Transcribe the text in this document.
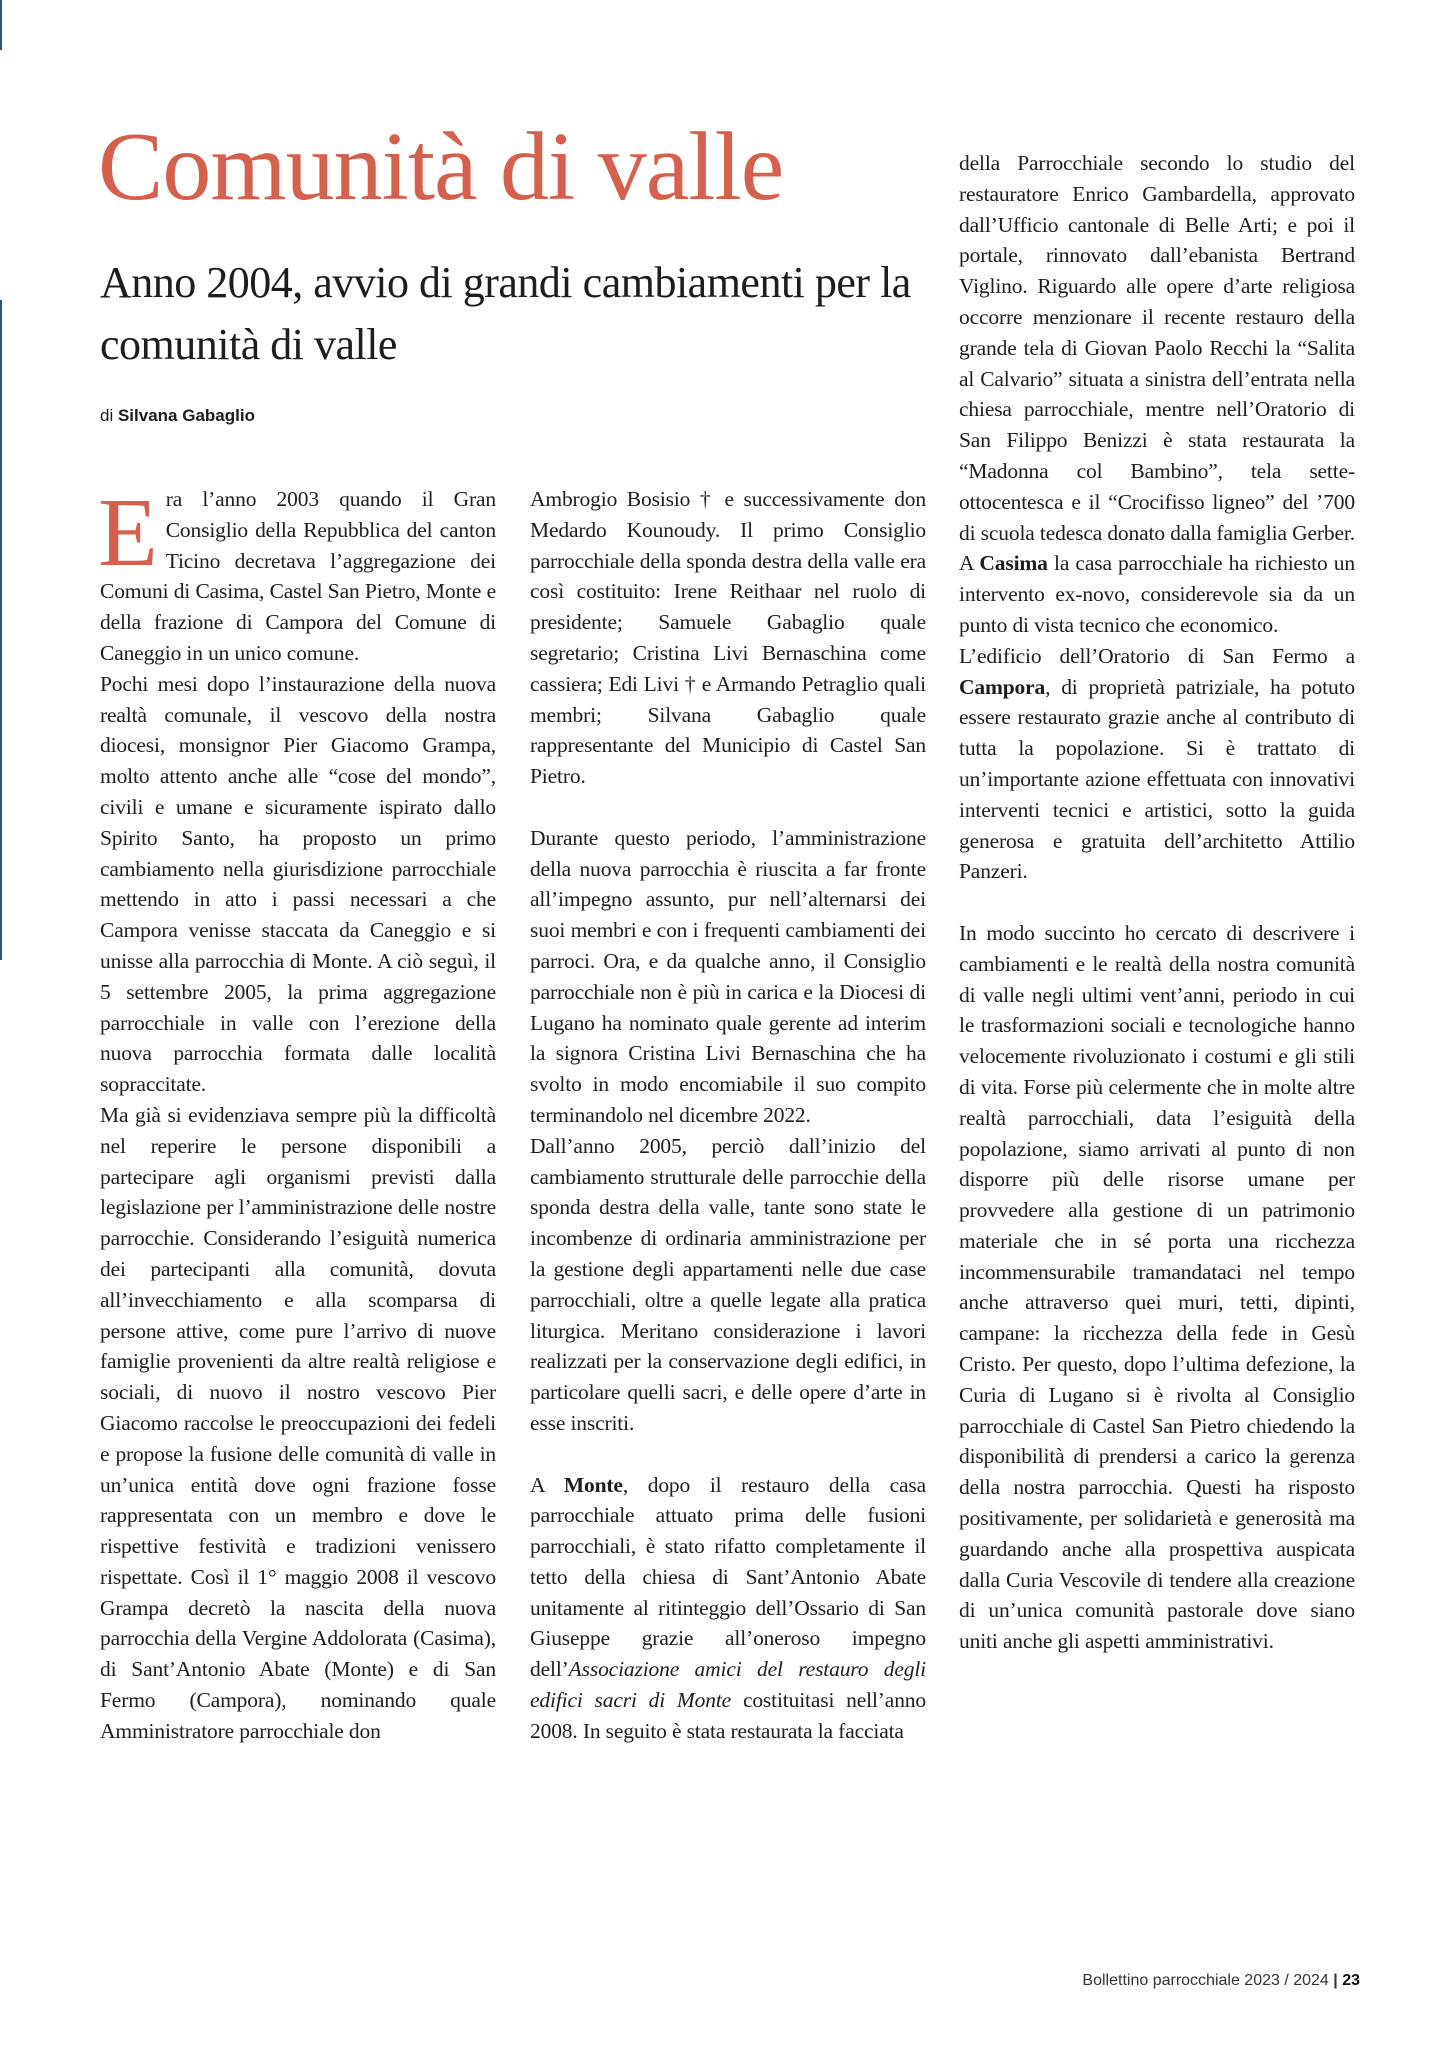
Comunità di valle
Anno 2004, avvio di grandi cambiamenti per la comunità di valle
di Silvana Gabaglio

Era l’anno 2003 quando il Gran Consiglio della Repubblica del canton Ticino decretava l’aggregazione dei Comuni di Casima, Castel San Pietro, Monte e della frazione di Campora del Comune di Caneggio in un unico comune.

Pochi mesi dopo l’instaurazione della nuova realtà comunale, il vescovo della nostra diocesi, monsignor Pier Giacomo Grampa, molto attento anche alle “cose del mondo”, civili e umane e sicuramente ispirato dallo Spirito Santo, ha proposto un primo cambiamento nella giurisdizione parrocchiale mettendo in atto i passi necessari a che Campora venisse staccata da Caneggio e si unisse alla parrocchia di Monte. A ciò seguì, il 5 settembre 2005, la prima aggregazione parrocchiale in valle con l’erezione della nuova parrocchia formata dalle località sopraccitate.

Ma già si evidenziava sempre più la difficoltà nel reperire le persone disponibili a partecipare agli organismi previsti dalla legislazione per l’amministrazione delle nostre parrocchie. Considerando l’esiguità numerica dei partecipanti alla comunità, dovuta all’invecchiamento e alla scomparsa di persone attive, come pure l’arrivo di nuove famiglie provenienti da altre realtà religiose e sociali, di nuovo il nostro vescovo Pier Giacomo raccolse le preoccupazioni dei fedeli e propose la fusione delle comunità di valle in un’unica entità dove ogni frazione fosse rappresentata con un membro e dove le rispettive festività e tradizioni venissero rispettate. Così il 1° maggio 2008 il vescovo Grampa decretò la nascita della nuova parrocchia della Vergine Addolorata (Casima), di Sant’Antonio Abate (Monte) e di San Fermo (Campora), nominando quale Amministratore parrocchiale don

Ambrogio Bosisio † e successivamente don Medardo Kounoudy. Il primo Consiglio parrocchiale della sponda destra della valle era così costituito: Irene Reithaar nel ruolo di presidente; Samuele Gabaglio quale segretario; Cristina Livi Bernaschina come cassiera; Edi Livi † e Armando Petraglio quali membri; Silvana Gabaglio quale rappresentante del Municipio di Castel San Pietro.

Durante questo periodo, l’amministrazione della nuova parrocchia è riuscita a far fronte all’impegno assunto, pur nell’alternarsi dei suoi membri e con i frequenti cambiamenti dei parroci. Ora, e da qualche anno, il Consiglio parrocchiale non è più in carica e la Diocesi di Lugano ha nominato quale gerente ad interim la signora Cristina Livi Bernaschina che ha svolto in modo encomiabile il suo compito terminandolo nel dicembre 2022.

Dall’anno 2005, perciò dall’inizio del cambiamento strutturale delle parrocchie della sponda destra della valle, tante sono state le incombenze di ordinaria amministrazione per la gestione degli appartamenti nelle due case parrocchiali, oltre a quelle legate alla pratica liturgica. Meritano considerazione i lavori realizzati per la conservazione degli edifici, in particolare quelli sacri, e delle opere d’arte in esse inscriti.

A Monte, dopo il restauro della casa parrocchiale attuato prima delle fusioni parrocchiali, è stato rifatto completamente il tetto della chiesa di Sant’Antonio Abate unitamente al ritinteggio dell’Ossario di San Giuseppe grazie all’oneroso impegno dell’Associazione amici del restauro degli edifici sacri di Monte costituitasi nell’anno 2008. In seguito è stata restaurata la facciata

della Parrocchiale secondo lo studio del restauratore Enrico Gambardella, approvato dall’Ufficio cantonale di Belle Arti; e poi il portale, rinnovato dall’ebanista Bertrand Viglino. Riguardo alle opere d’arte religiosa occorre menzionare il recente restauro della grande tela di Giovan Paolo Recchi la “Salita al Calvario” situata a sinistra dell’entrata nella chiesa parrocchiale, mentre nell’Oratorio di San Filippo Benizzi è stata restaurata la “Madonna col Bambino”, tela sette-ottocentesca e il “Crocifisso ligneo” del ’700 di scuola tedesca donato dalla famiglia Gerber.

A Casima la casa parrocchiale ha richiesto un intervento ex-novo, considerevole sia da un punto di vista tecnico che economico.

L’edificio dell’Oratorio di San Fermo a Campora, di proprietà patriziale, ha potuto essere restaurato grazie anche al contributo di tutta la popolazione. Si è trattato di un’importante azione effettuata con innovativi interventi tecnici e artistici, sotto la guida generosa e gratuita dell’architetto Attilio Panzeri.

In modo succinto ho cercato di descrivere i cambiamenti e le realtà della nostra comunità di valle negli ultimi vent’anni, periodo in cui le trasformazioni sociali e tecnologiche hanno velocemente rivoluzionato i costumi e gli stili di vita. Forse più celermente che in molte altre realtà parrocchiali, data l’esiguità della popolazione, siamo arrivati al punto di non disporre più delle risorse umane per provvedere alla gestione di un patrimonio materiale che in sé porta una ricchezza incommensurabile tramandataci nel tempo anche attraverso quei muri, tetti, dipinti, campane: la ricchezza della fede in Gesù Cristo. Per questo, dopo l’ultima defezione, la Curia di Lugano si è rivolta al Consiglio parrocchiale di Castel San Pietro chiedendo la disponibilità di prendersi a carico la gerenza della nostra parrocchia. Questi ha risposto positivamente, per solidarietà e generosità ma guardando anche alla prospettiva auspicata dalla Curia Vescovile di tendere alla creazione di un’unica comunità pastorale dove siano uniti anche gli aspetti amministrativi.

Bollettino parrocchiale 2023 / 2024 | 23
